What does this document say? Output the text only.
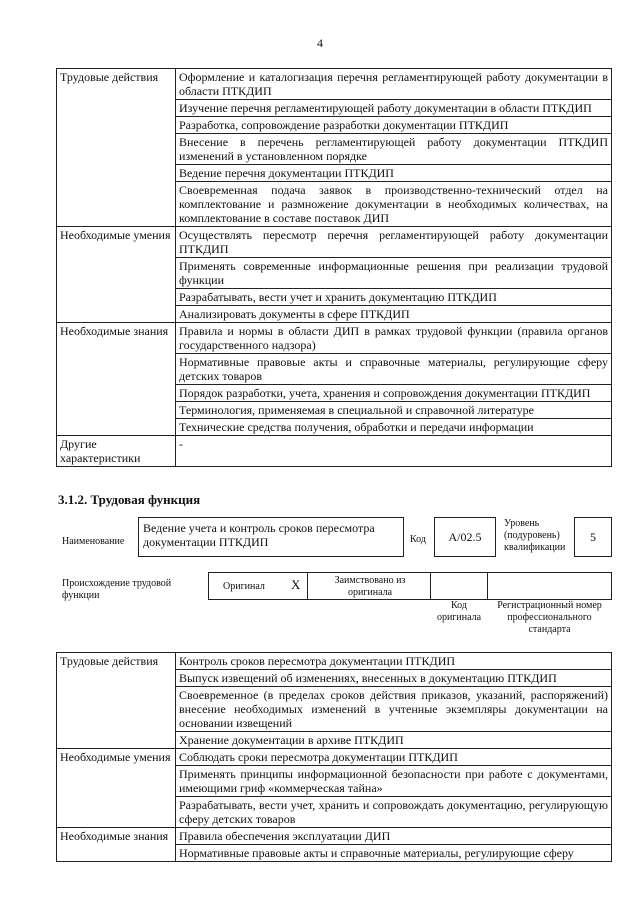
4
Трудовые действия	Оформление и каталогизация перечня регламентирующей работу документации в области ПТКДИП
	Изучение перечня регламентирующей работу документации в области ПТКДИП
	Разработка, сопровождение разработки документации ПТКДИП
	Внесение в перечень регламентирующей работу документации ПТКДИП изменений в установленном порядке
	Ведение перечня документации ПТКДИП
	Своевременная подача заявок в производственно-технический отдел на комплектование и размножение документации в необходимых количествах, на комплектование в составе поставок ДИП
Необходимые умения	Осуществлять пересмотр перечня регламентирующей работу документации ПТКДИП
	Применять современные информационные решения при реализации трудовой функции
	Разрабатывать, вести учет и хранить документацию ПТКДИП
	Анализировать документы в сфере ПТКДИП
Необходимые знания	Правила и нормы в области ДИП в рамках трудовой функции (правила органов государственного надзора)
	Нормативные правовые акты и справочные материалы, регулирующие сферу детских товаров
	Порядок разработки, учета, хранения и сопровождения документации ПТКДИП
	Терминология, применяемая в специальной и справочной литературе
	Технические средства получения, обработки и передачи информации
Другие характеристики	-
3.1.2. Трудовая функция
Наименование
Ведение учета и контроль сроков пересмотра документации ПТКДИП	Код	A/02.5
Уровень (подуровень) квалификации
5
Происхождение трудовой функции
Оригинал X	Заимствовано из оригинала
Код оригинала
Регистрационный номер профессионального стандарта
Трудовые действия	Контроль сроков пересмотра документации ПТКДИП
	Выпуск извещений об изменениях, внесенных в документацию ПТКДИП
	Своевременное (в пределах сроков действия приказов, указаний, распоряжений) внесение необходимых изменений в учтенные экземпляры документации на основании извещений
	Хранение документации в архиве ПТКДИП
Необходимые умения	Соблюдать сроки пересмотра документации ПТКДИП
	Применять принципы информационной безопасности при работе с документами, имеющими гриф «коммерческая тайна»
	Разрабатывать, вести учет, хранить и сопровождать документацию, регулирующую сферу детских товаров
Необходимые знания	Правила обеспечения эксплуатации ДИП
	Нормативные правовые акты и справочные материалы, регулирующие сферу
